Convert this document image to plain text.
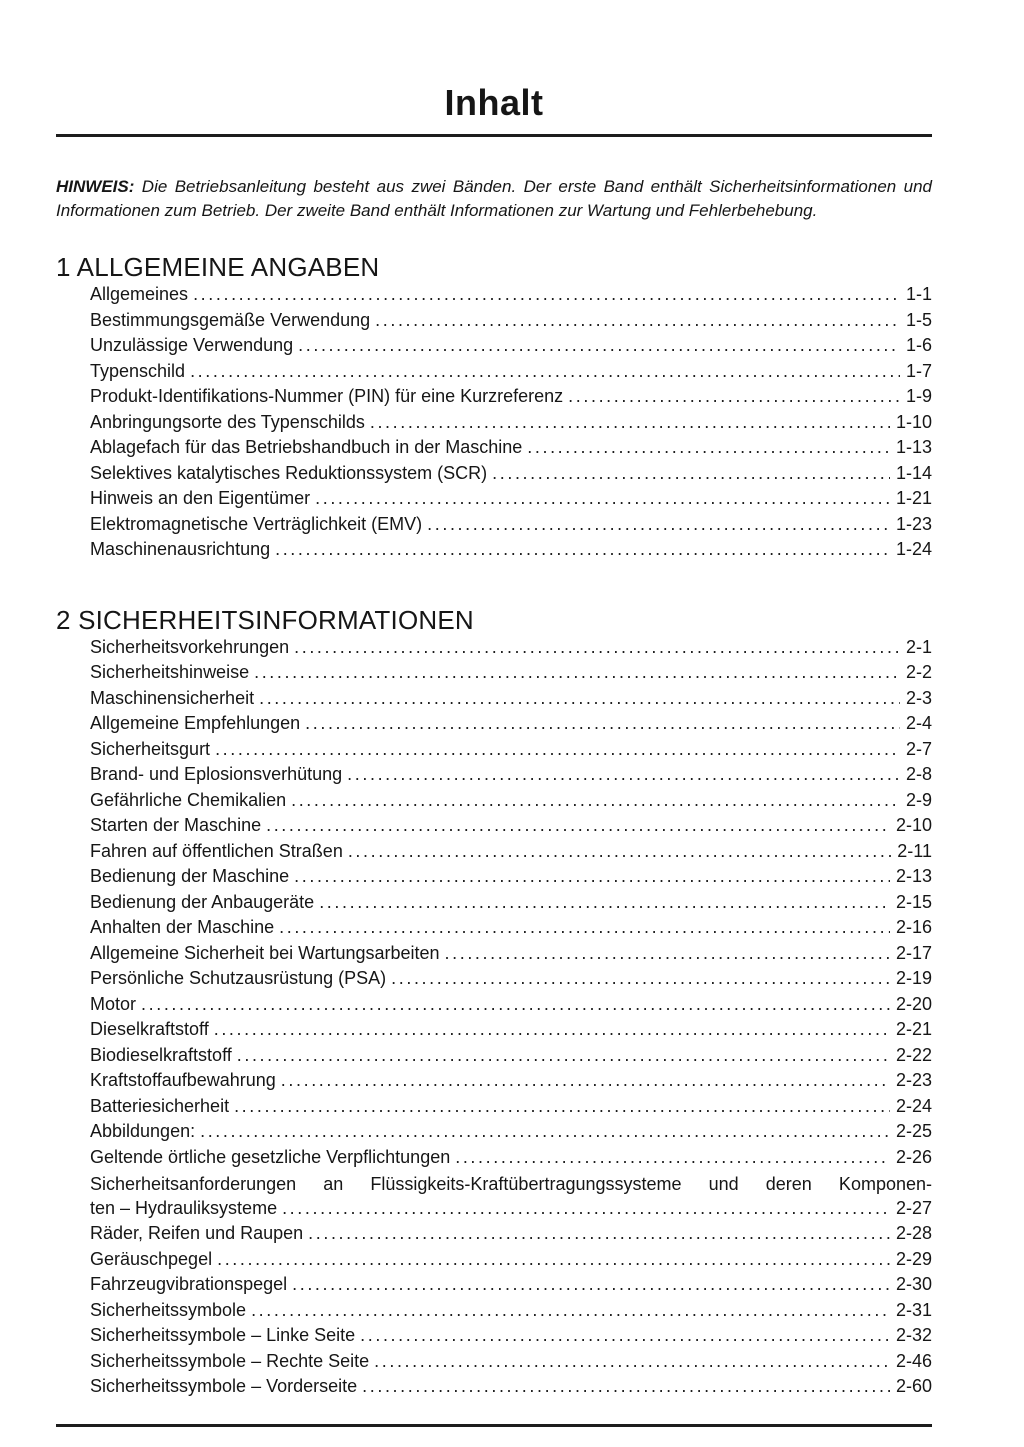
Inhalt
HINWEIS: Die Betriebsanleitung besteht aus zwei Bänden. Der erste Band enthält Sicherheitsinformationen und
Informationen zum Betrieb. Der zweite Band enthält Informationen zur Wartung und Fehlerbehebung.
1 ALLGEMEINE ANGABEN
Allgemeines .....	1-1
Bestimmungsgemäße Verwendung .....	1-5
Unzulässige Verwendung .....	1-6
Typenschild .....	1-7
Produkt-Identifikations-Nummer (PIN) für eine Kurzreferenz .....	1-9
Anbringungsorte des Typenschilds .....	1-10
Ablagefach für das Betriebshandbuch in der Maschine .....	1-13
Selektives katalytisches Reduktionssystem (SCR) .....	1-14
Hinweis an den Eigentümer .....	1-21
Elektromagnetische Verträglichkeit (EMV) .....	1-23
Maschinenausrichtung .....	1-24
2 SICHERHEITSINFORMATIONEN
Sicherheitsvorkehrungen .....	2-1
Sicherheitshinweise .....	2-2
Maschinensicherheit .....	2-3
Allgemeine Empfehlungen .....	2-4
Sicherheitsgurt .....	2-7
Brand- und Eplosionsverhütung .....	2-8
Gefährliche Chemikalien .....	2-9
Starten der Maschine .....	2-10
Fahren auf öffentlichen Straßen .....	2-11
Bedienung der Maschine .....	2-13
Bedienung der Anbaugeräte .....	2-15
Anhalten der Maschine .....	2-16
Allgemeine Sicherheit bei Wartungsarbeiten .....	2-17
Persönliche Schutzausrüstung (PSA) .....	2-19
Motor .....	2-20
Dieselkraftstoff .....	2-21
Biodieselkraftstoff .....	2-22
Kraftstoffaufbewahrung .....	2-23
Batteriesicherheit .....	2-24
Abbildungen: .....	2-25
Geltende örtliche gesetzliche Verpflichtungen .....	2-26
Sicherheitsanforderungen an Flüssigkeits-Kraftübertragungssysteme und deren Komponen-
ten – Hydrauliksysteme .....	2-27
Räder, Reifen und Raupen .....	2-28
Geräuschpegel .....	2-29
Fahrzeugvibrationspegel .....	2-30
Sicherheitssymbole .....	2-31
Sicherheitssymbole – Linke Seite .....	2-32
Sicherheitssymbole – Rechte Seite .....	2-46
Sicherheitssymbole – Vorderseite .....	2-60
